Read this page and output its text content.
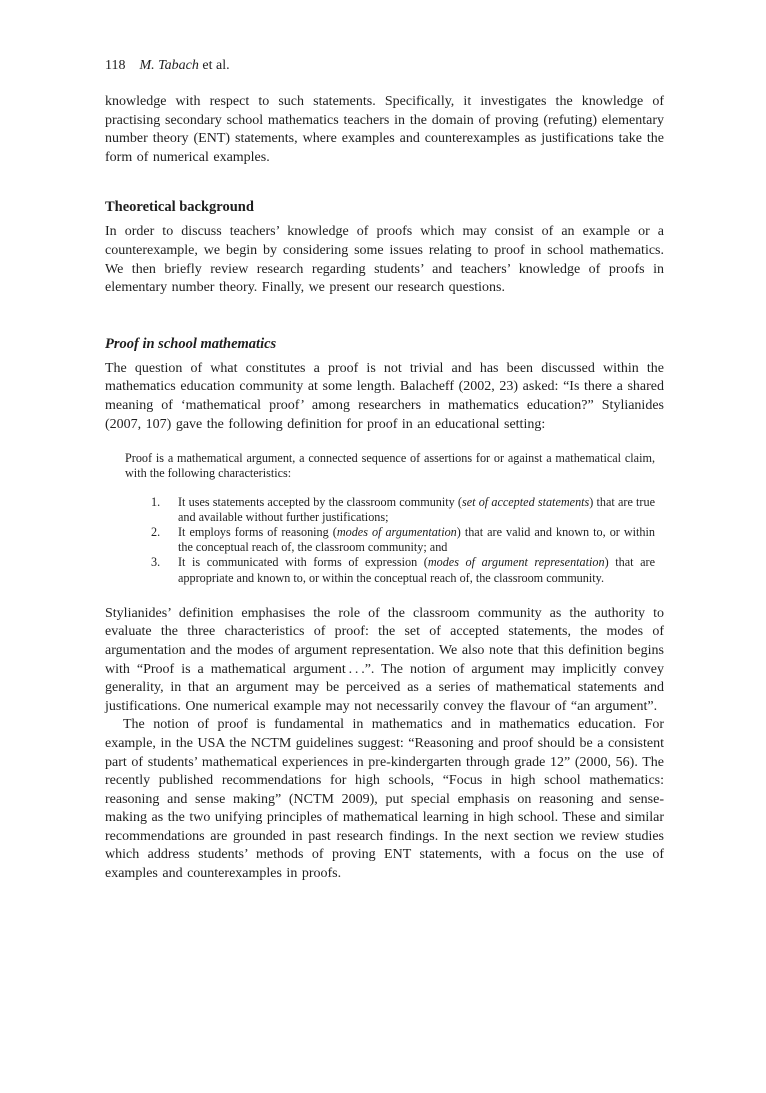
118 M. Tabach et al.

knowledge with respect to such statements. Specifically, it investigates the knowledge of practising secondary school mathematics teachers in the domain of proving (refuting) elementary number theory (ENT) statements, where examples and counterexamples as justifications take the form of numerical examples.

Theoretical background

In order to discuss teachers’ knowledge of proofs which may consist of an example or a counterexample, we begin by considering some issues relating to proof in school mathematics. We then briefly review research regarding students’ and teachers’ knowledge of proofs in elementary number theory. Finally, we present our research questions.

Proof in school mathematics

The question of what constitutes a proof is not trivial and has been discussed within the mathematics education community at some length. Balacheff (2002, 23) asked: “Is there a shared meaning of ‘mathematical proof’ among researchers in mathematics education?” Stylianides (2007, 107) gave the following definition for proof in an educational setting:

Proof is a mathematical argument, a connected sequence of assertions for or against a mathematical claim, with the following characteristics:

1.	It uses statements accepted by the classroom community (set of accepted statements) that are true and available without further justifications;
2.	It employs forms of reasoning (modes of argumentation) that are valid and known to, or within the conceptual reach of, the classroom community; and
3.	It is communicated with forms of expression (modes of argument representation) that are appropriate and known to, or within the conceptual reach of, the classroom community.

Stylianides’ definition emphasises the role of the classroom community as the authority to evaluate the three characteristics of proof: the set of accepted statements, the modes of argumentation and the modes of argument representation. We also note that this definition begins with “Proof is a mathematical argument . . .”. The notion of argument may implicitly convey generality, in that an argument may be perceived as a series of mathematical statements and justifications. One numerical example may not necessarily convey the flavour of “an argument”.

The notion of proof is fundamental in mathematics and in mathematics education. For example, in the USA the NCTM guidelines suggest: “Reasoning and proof should be a consistent part of students’ mathematical experiences in pre-kindergarten through grade 12” (2000, 56). The recently published recommendations for high schools, “Focus in high school mathematics: reasoning and sense making” (NCTM 2009), put special emphasis on reasoning and sense-making as the two unifying principles of mathematical learning in high school. These and similar recommendations are grounded in past research findings. In the next section we review studies which address students’ methods of proving ENT statements, with a focus on the use of examples and counterexamples in proofs.
